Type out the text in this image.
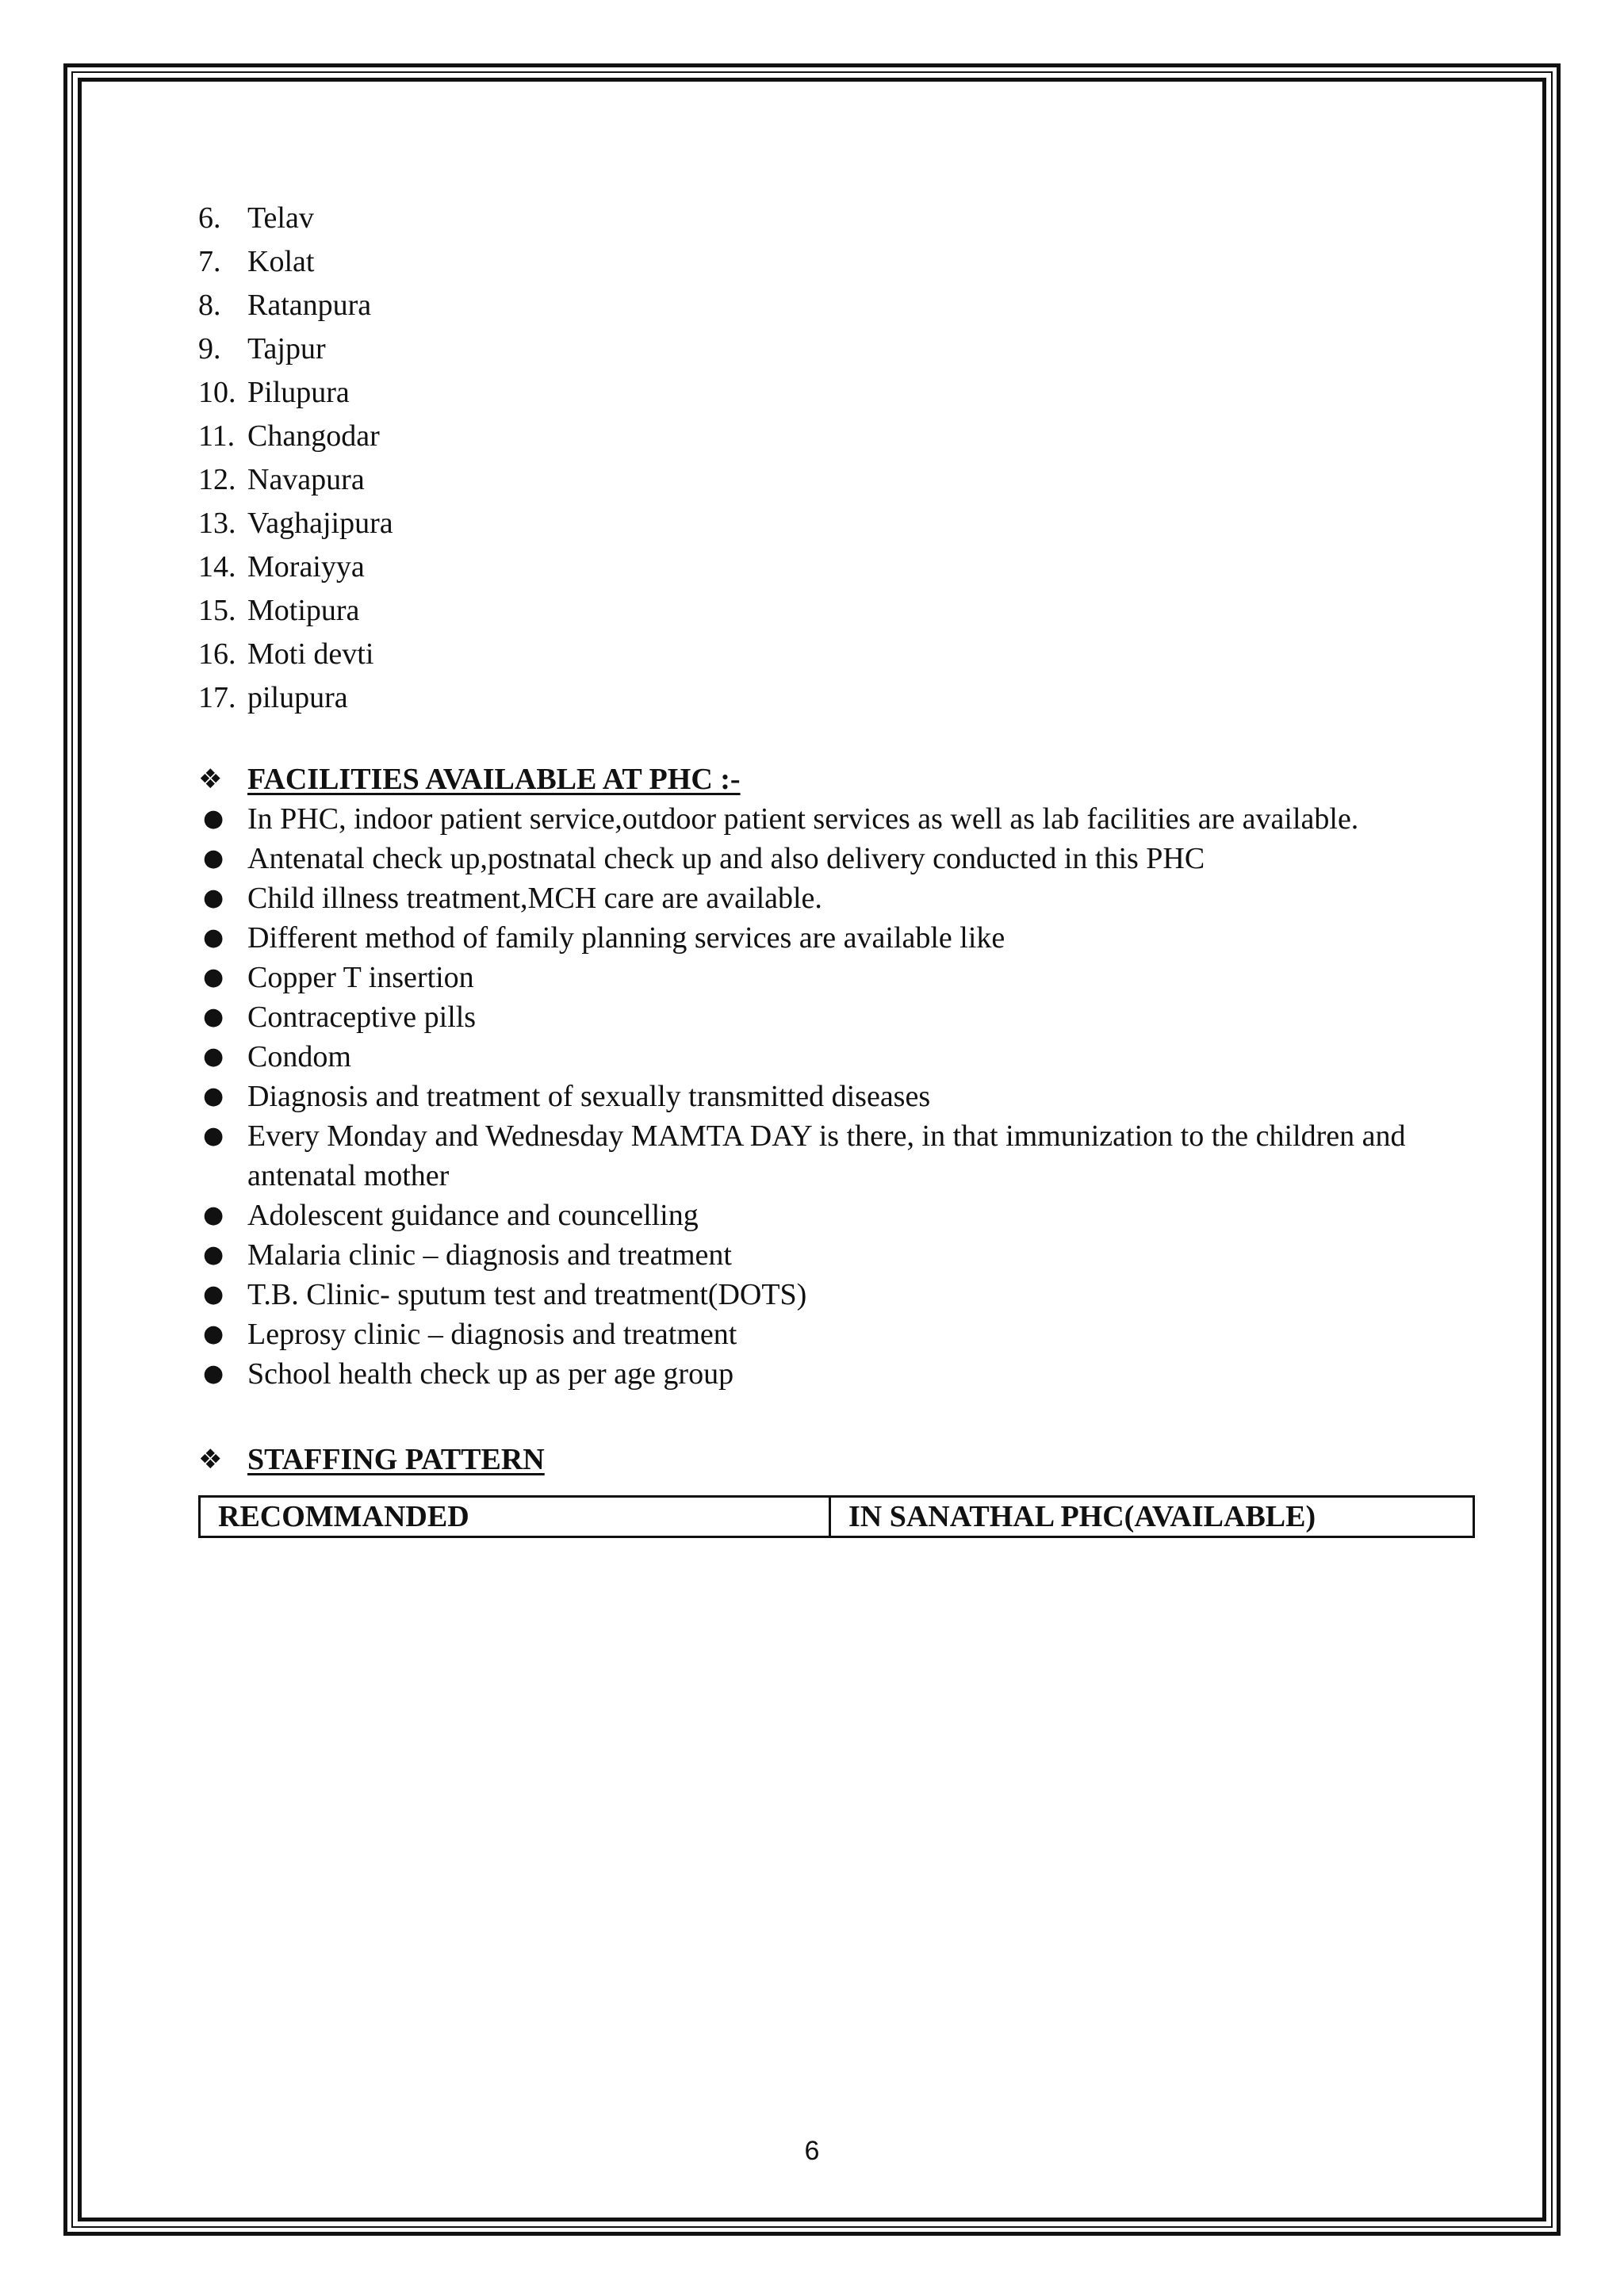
6. Telav
7. Kolat
8. Ratanpura
9. Tajpur
10. Pilupura
11. Changodar
12. Navapura
13. Vaghajipura
14. Moraiyya
15. Motipura
16. Moti devti
17. pilupura
❖ FACILITIES AVAILABLE AT PHC :-
● In PHC, indoor patient service,outdoor patient services as well as lab facilities are available.
● Antenatal check up,postnatal check up and also delivery conducted in this PHC
● Child illness treatment,MCH care are available.
● Different method of family planning services are available like
● Copper T insertion
● Contraceptive pills
● Condom
● Diagnosis and treatment of sexually transmitted diseases
● Every Monday and Wednesday MAMTA DAY is there, in that immunization to the children and antenatal mother
● Adolescent guidance and councelling
● Malaria clinic – diagnosis and treatment
● T.B. Clinic- sputum test and treatment(DOTS)
● Leprosy clinic – diagnosis and treatment
● School health check up as per age group
❖ STAFFING PATTERN
RECOMMANDED	IN SANATHAL PHC(AVAILABLE)
6
